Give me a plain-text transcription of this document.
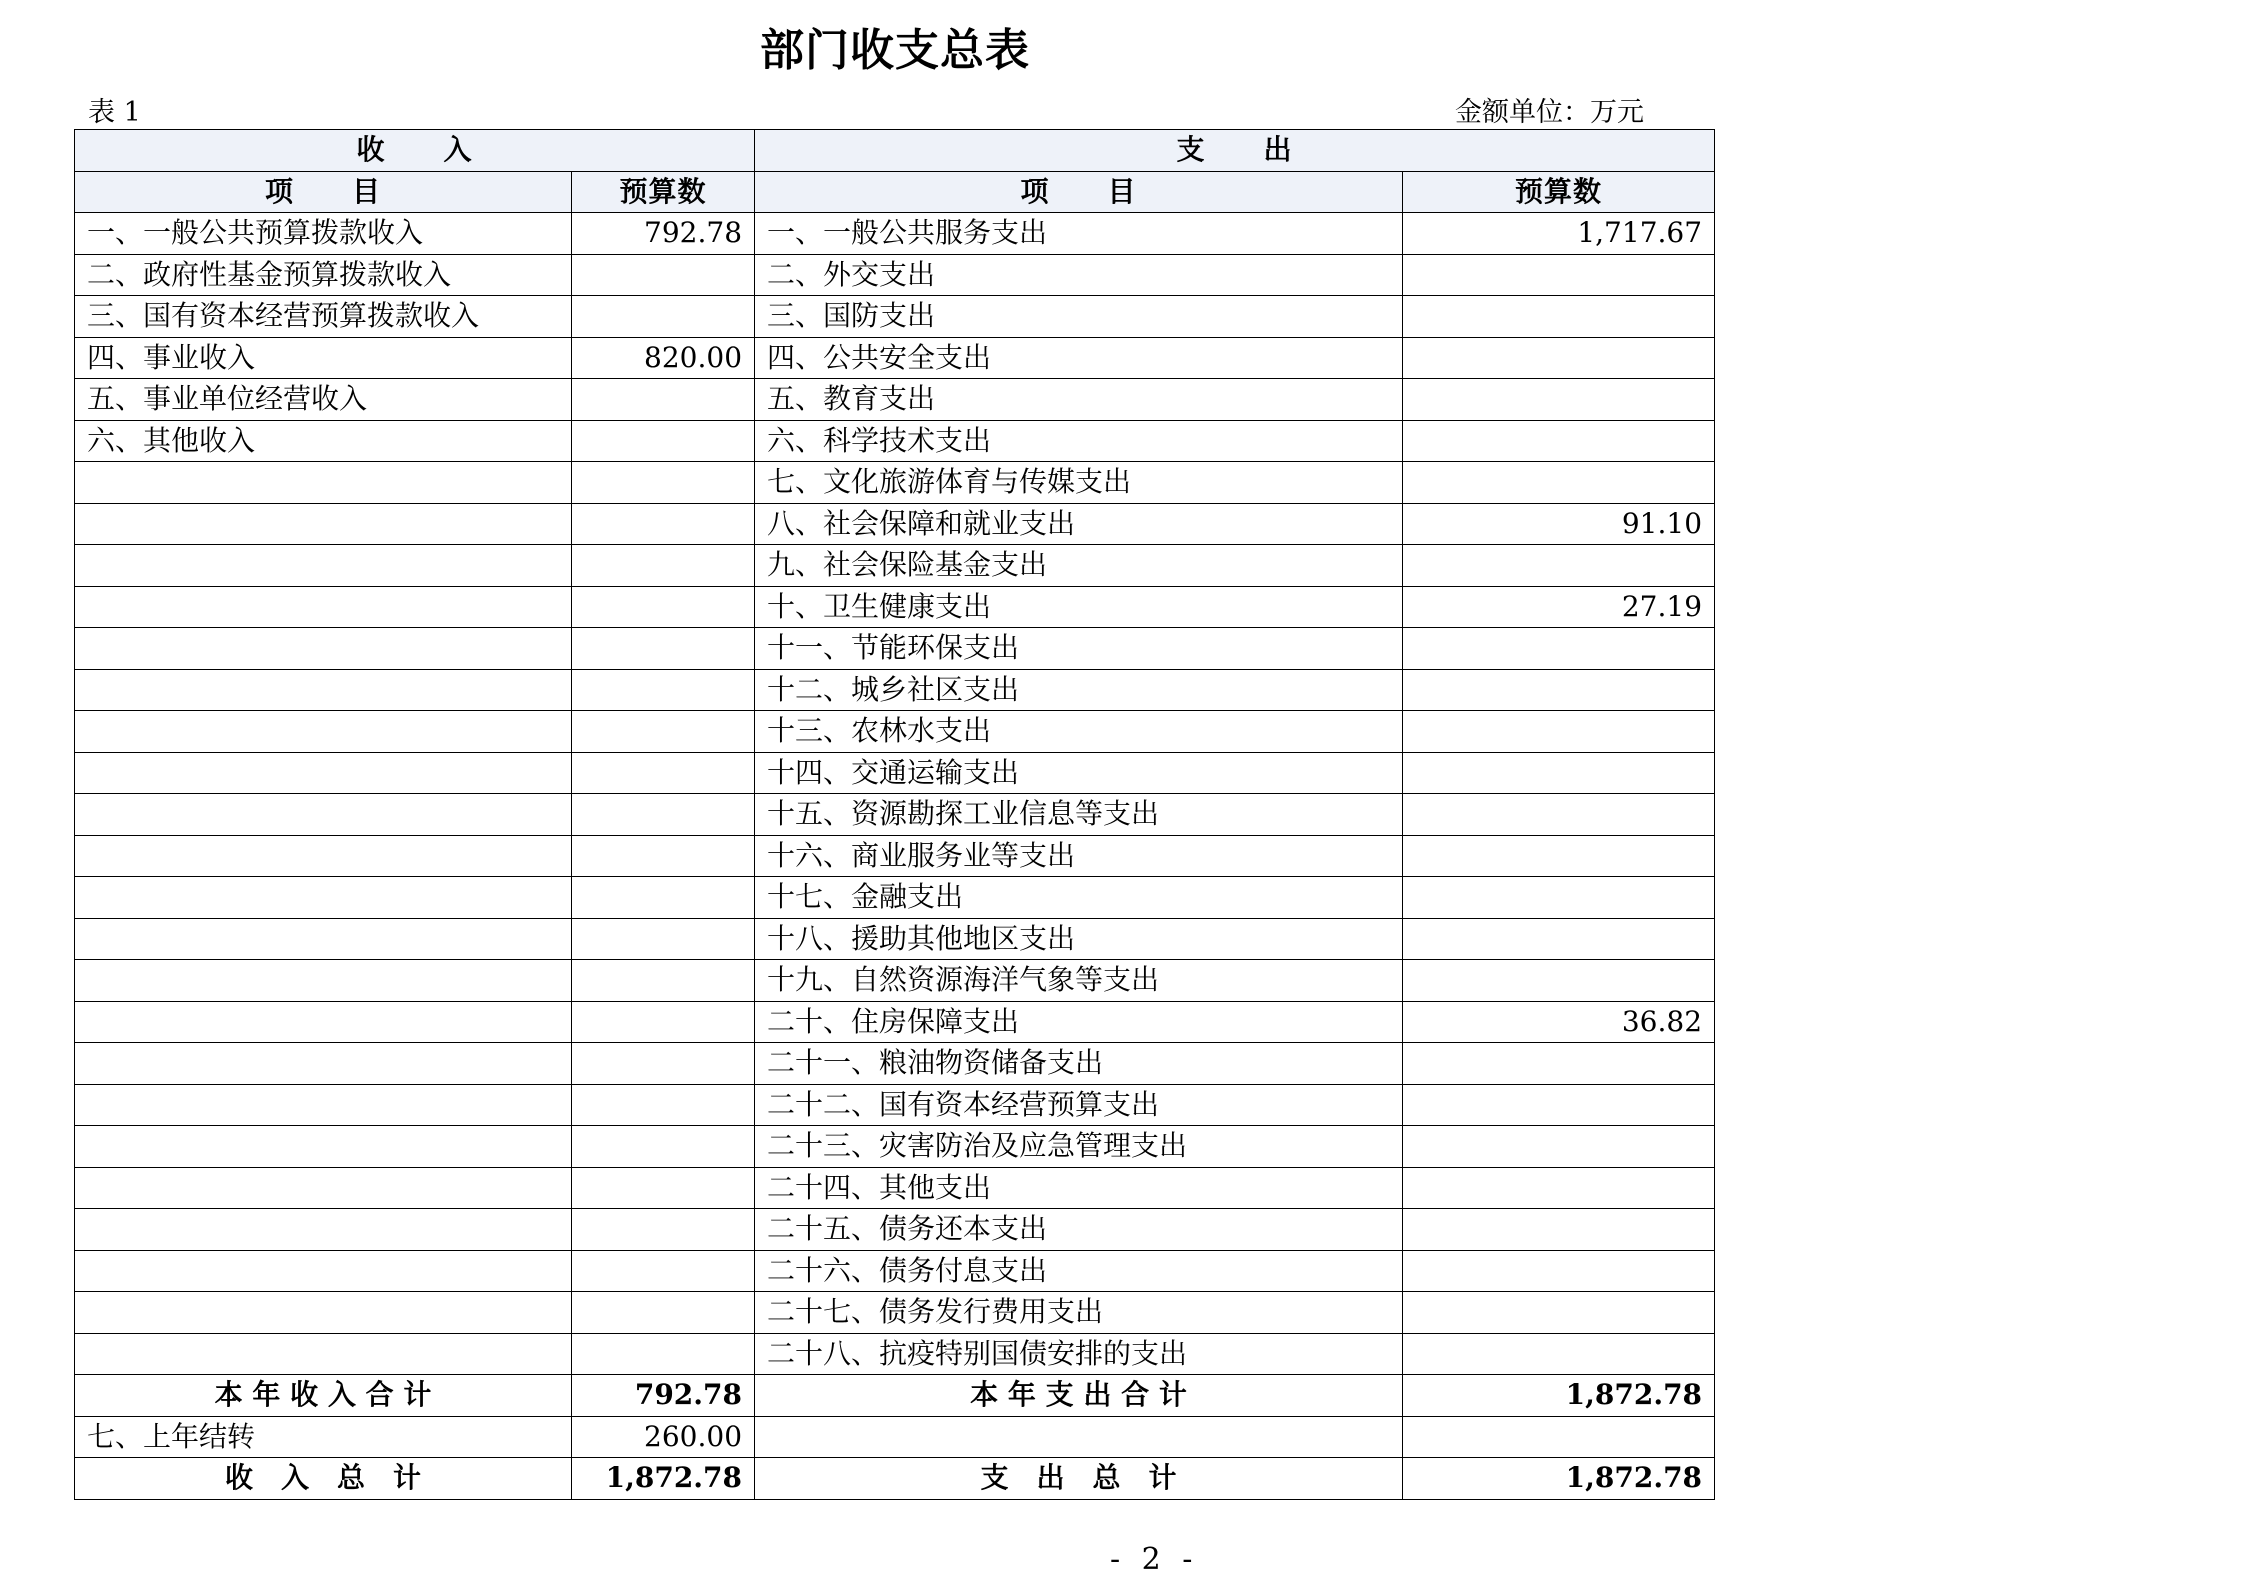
部门收支总表
表 1	金额单位：万元
收　　入		支　　出	
项　　目	预算数	项　　目	预算数
一、一般公共预算拨款收入	792.78	一、一般公共服务支出	1,717.67
二、政府性基金预算拨款收入		二、外交支出	
三、国有资本经营预算拨款收入		三、国防支出	
四、事业收入	820.00	四、公共安全支出	
五、事业单位经营收入		五、教育支出	
六、其他收入		六、科学技术支出	
		七、文化旅游体育与传媒支出	
		八、社会保障和就业支出	91.10
		九、社会保险基金支出	
		十、卫生健康支出	27.19
		十一、节能环保支出	
		十二、城乡社区支出	
		十三、农林水支出	
		十四、交通运输支出	
		十五、资源勘探工业信息等支出	
		十六、商业服务业等支出	
		十七、金融支出	
		十八、援助其他地区支出	
		十九、自然资源海洋气象等支出	
		二十、住房保障支出	36.82
		二十一、粮油物资储备支出	
		二十二、国有资本经营预算支出	
		二十三、灾害防治及应急管理支出	
		二十四、其他支出	
		二十五、债务还本支出	
		二十六、债务付息支出	
		二十七、债务发行费用支出	
		二十八、抗疫特别国债安排的支出	
本 年 收 入 合 计	792.78	本 年 支 出 合 计	1,872.78
七、上年结转	260.00		
收　入　总　计	1,872.78	支　出　总　计	1,872.78
- 2 -
